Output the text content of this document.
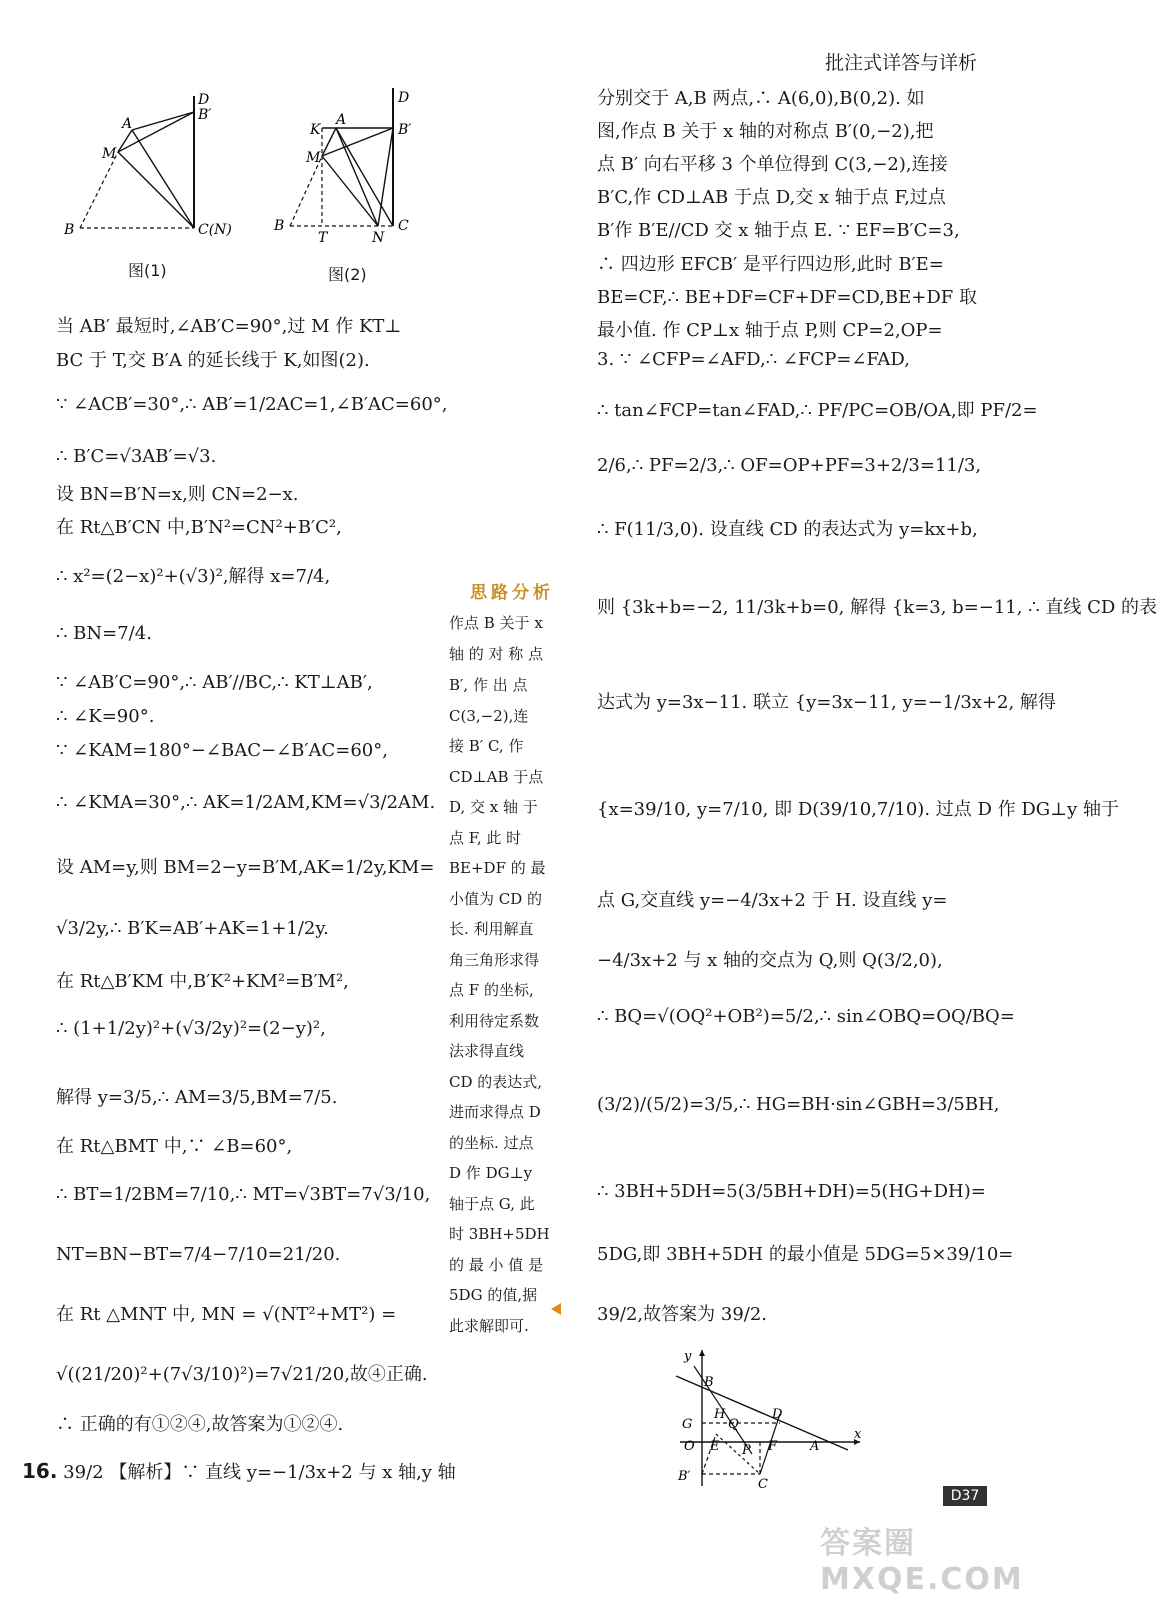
批注式详答与详析
D
B′
A
M
B	C(N)
图(1)
D
K
A
B′
M
B
T	N
C
图(2)
当 AB′ 最短时,∠AB′C=90°,过 M 作 KT⊥
BC 于 T,交 B′A 的延长线于 K,如图(2).
∵ ∠ACB′=30°,∴ AB′=1/2AC=1,∠B′AC=60°,
∴ B′C=√3AB′=√3.
设 BN=B′N=x,则 CN=2−x.
在 Rt△B′CN 中,B′N²=CN²+B′C²,
∴ x²=(2−x)²+(√3)²,解得 x=7/4,
∴ BN=7/4.
∵ ∠AB′C=90°,∴ AB′//BC,∴ KT⊥AB′,
∴ ∠K=90°.
∵ ∠KAM=180°−∠BAC−∠B′AC=60°,
∴ ∠KMA=30°,∴ AK=1/2AM,KM=√3/2AM.
设 AM=y,则 BM=2−y=B′M,AK=1/2y,KM=
√3/2y,∴ B′K=AB′+AK=1+1/2y.
在 Rt△B′KM 中,B′K²+KM²=B′M²,
∴ (1+1/2y)²+(√3/2y)²=(2−y)²,
解得 y=3/5,∴ AM=3/5,BM=7/5.
在 Rt△BMT 中,∵ ∠B=60°,
∴ BT=1/2BM=7/10,∴ MT=√3BT=7√3/10,
NT=BN−BT=7/4−7/10=21/20.
在 Rt △MNT 中, MN = √(NT²+MT²) =
√((21/20)²+(7√3/10)²)=7√21/20,故④正确.
∴ 正确的有①②④,故答案为①②④.
16. 39/2 【解析】∵ 直线 y=−1/3x+2 与 x 轴,y 轴
思路分析
作点 B 关于 x
轴 的 对 称 点
B′, 作 出 点
C(3,−2),连
接 B′ C, 作
CD⊥AB 于点
D, 交 x 轴 于
点 F, 此 时
BE+DF 的 最
小值为 CD 的
长. 利用解直
角三角形求得
点 F 的坐标,
利用待定系数
法求得直线
CD 的表达式,
进而求得点 D
的坐标. 过点
D 作 DG⊥y
轴于点 G, 此
时 3BH+5DH
的 最 小 值 是
5DG 的值,据
此求解即可.
分别交于 A,B 两点,∴ A(6,0),B(0,2). 如
图,作点 B 关于 x 轴的对称点 B′(0,−2),把
点 B′ 向右平移 3 个单位得到 C(3,−2),连接
B′C,作 CD⊥AB 于点 D,交 x 轴于点 F,过点
B′作 B′E//CD 交 x 轴于点 E. ∵ EF=B′C=3,
∴ 四边形 EFCB′ 是平行四边形,此时 B′E=
BE=CF,∴ BE+DF=CF+DF=CD,BE+DF 取
最小值. 作 CP⊥x 轴于点 P,则 CP=2,OP=
3. ∵ ∠CFP=∠AFD,∴ ∠FCP=∠FAD,
∴ tan∠FCP=tan∠FAD,∴ PF/PC=OB/OA,即 PF/2=
2/6,∴ PF=2/3,∴ OF=OP+PF=3+2/3=11/3,
∴ F(11/3,0). 设直线 CD 的表达式为 y=kx+b,
则 {3k+b=−2, 11/3k+b=0, 解得 {k=3, b=−11, ∴ 直线 CD 的表
达式为 y=3x−11. 联立 {y=3x−11, y=−1/3x+2, 解得
{x=39/10, y=7/10, 即 D(39/10,7/10). 过点 D 作 DG⊥y 轴于
点 G,交直线 y=−4/3x+2 于 H. 设直线 y=
−4/3x+2 与 x 轴的交点为 Q,则 Q(3/2,0),
∴ BQ=√(OQ²+OB²)=5/2,∴ sin∠OBQ=OQ/BQ=
(3/2)/(5/2)=3/5,∴ HG=BH·sin∠GBH=3/5BH,
∴ 3BH+5DH=5(3/5BH+DH)=5(HG+DH)=
5DG,即 3BH+5DH 的最小值是 5DG=5×39/10=
39/2,故答案为 39/2.
y
B
G
H
Q
D
O E P F	A
x
B′
C
D37
答案圈 MXQE.COM
